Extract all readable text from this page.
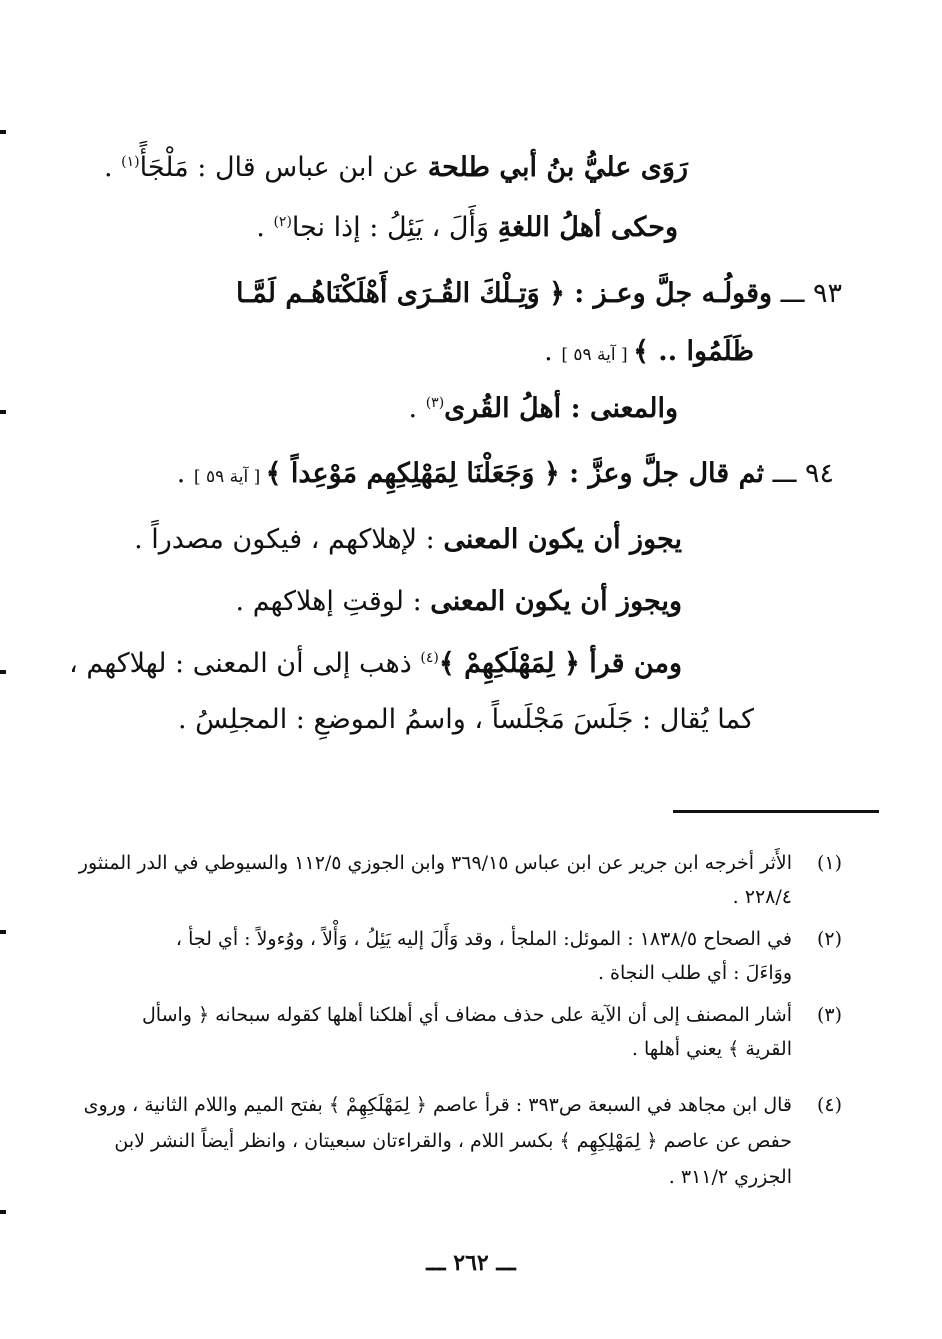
رَوَى عليُّ بنُ أبي طلحة عن ابن عباس قال : مَلْجَأً$^{(١)}$ .
وحكى أهلُ اللغةِ وَأَلَ ، يَئِلُ : إذا نجا$^{(٢)}$ .
٩٣ ـــ وقولُـه جلَّ وعـز : ﴿ وَتِـلْكَ القُـرَى أَهْلَكْنَاهُـم لَمَّـا
ظَلَمُوا .. ﴾ [ آية ٥٩ ] .
والمعنى : أهلُ القُرى$^{(٣)}$ .
٩٤ ـــ ثم قال جلَّ وعزَّ : ﴿ وَجَعَلْنَا لِمَهْلِكِهِم مَوْعِداً ﴾ [ آية ٥٩ ] .
يجوز أن يكون المعنى : لإهلاكهم ، فيكون مصدراً .
ويجوز أن يكون المعنى : لوقتِ إهلاكهم .
ومن قرأ ﴿ لِمَهْلَكِهِمْ ﴾$^{(٤)}$ ذهب إلى أن المعنى : لهلاكهم ،
كما يُقال : جَلَسَ مَجْلَساً ، واسمُ الموضعِ : المجلِسُ .
(١)
الأَثر أخرجه ابن جرير عن ابن عباس ٣٦٩/١٥ وابن الجوزي ١١٢/٥ والسيوطي في الدر المنثور
٢٢٨/٤ .
(٢)
في الصحاح ١٨٣٨/٥ : الموئل: الملجأ ، وقد وَأَلَ إليه يَئِلُ ، وَأْلاً ، ووُءولاً : أي لجأ ،
ووَاءَلَ : أي طلب النجاة .
(٣)
أشار المصنف إلى أن الآية على حذف مضاف أي أهلكنا أهلها كقوله سبحانه ﴿ واسأل
القرية ﴾ يعني أهلها .
(٤)
قال ابن مجاهد في السبعة ص٣٩٣ : قرأ عاصم ﴿ لِمَهْلَكِهِمْ ﴾ بفتح الميم واللام الثانية ، وروى
حفص عن عاصم ﴿ لِمَهْلِكِهِم ﴾ بكسر اللام ، والقراءتان سبعيتان ، وانظر أيضاً النشر لابن
الجزري ٣١١/٢ .
ـــ ٢٦٢ ـــ
